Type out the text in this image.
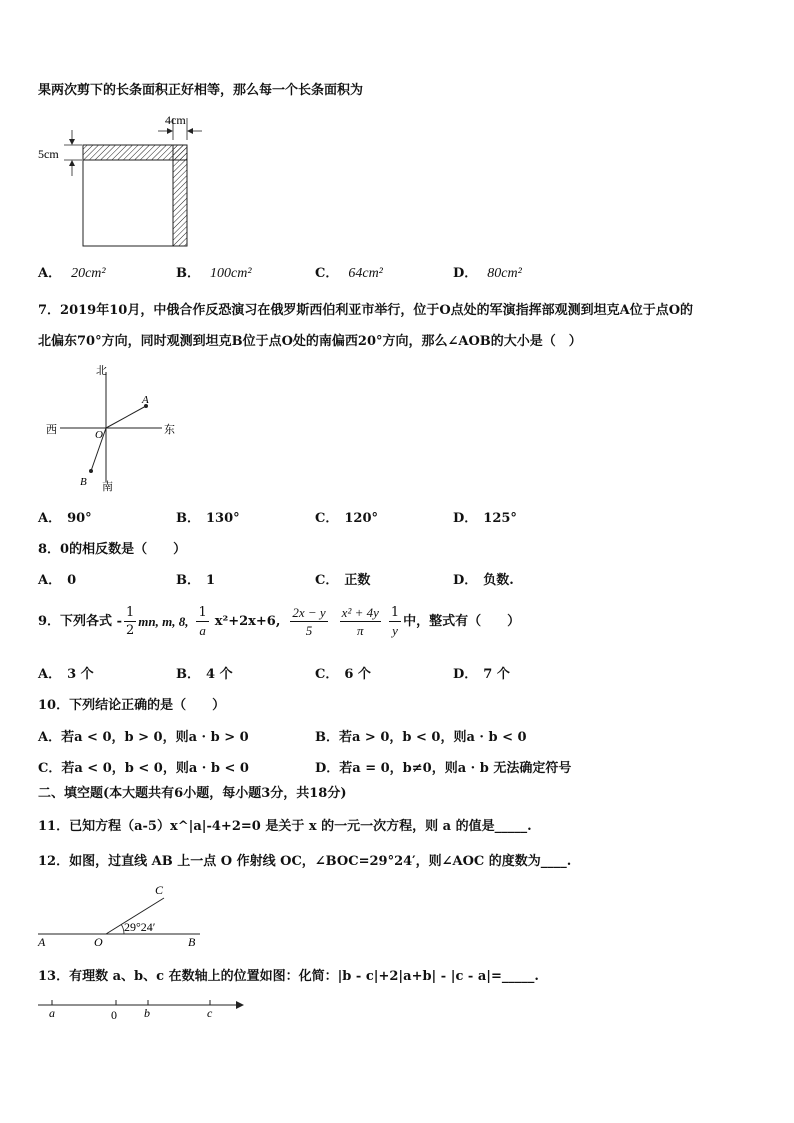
果两次剪下的长条面积正好相等，那么每一个长条面积为
4cm
5cm
A． 20cm²	B． 100cm²	C． 64cm²	D． 80cm²
7．2019年10月，中俄合作反恐演习在俄罗斯西伯利亚市举行，位于O点处的军演指挥部观测到坦克A位于点O的
北偏东70°方向，同时观测到坦克B位于点O处的南偏西20°方向，那么∠AOB的大小是（　）
北
南
西	东
O
A
B
A． 90°	B． 130°	C． 120°	D． 125°
8．0的相反数是（　　）
A． 0	B． 1	C． 正数	D． 负数.
9．下列各式 - $\frac{1}{2}$ mn, m, 8, $\frac{1}{a} x^2+2x+6$, $\frac{2x - y}{5} \frac{\text{x² + 4y}}{\pi} \frac{1}{y}$ 中，整式有（　　）
A． 3 个	B． 4 个	C． 6 个	D． 7 个
10．下列结论正确的是（　　）
A．若a < 0，b > 0，则a · b > 0	B．若a > 0，b < 0，则a · b < 0
C．若a < 0，b < 0，则a · b < 0	D．若a = 0，b≠0，则a · b 无法确定符号
二、填空题(本大题共有6小题，每小题3分，共18分)
11．已知方程（a-5）x^|a|-4+2=0 是关于 x 的一元一次方程，则 a 的值是_____.
12．如图，过直线 AB 上一点 O 作射线 OC，∠BOC=29°24′，则∠AOC 的度数为____.
C
29°24′
A	O	B
13．有理数 a、b、c 在数轴上的位置如图：化简：|b - c|+2|a+b| - |c - a|=_____.
a	0 b	c
